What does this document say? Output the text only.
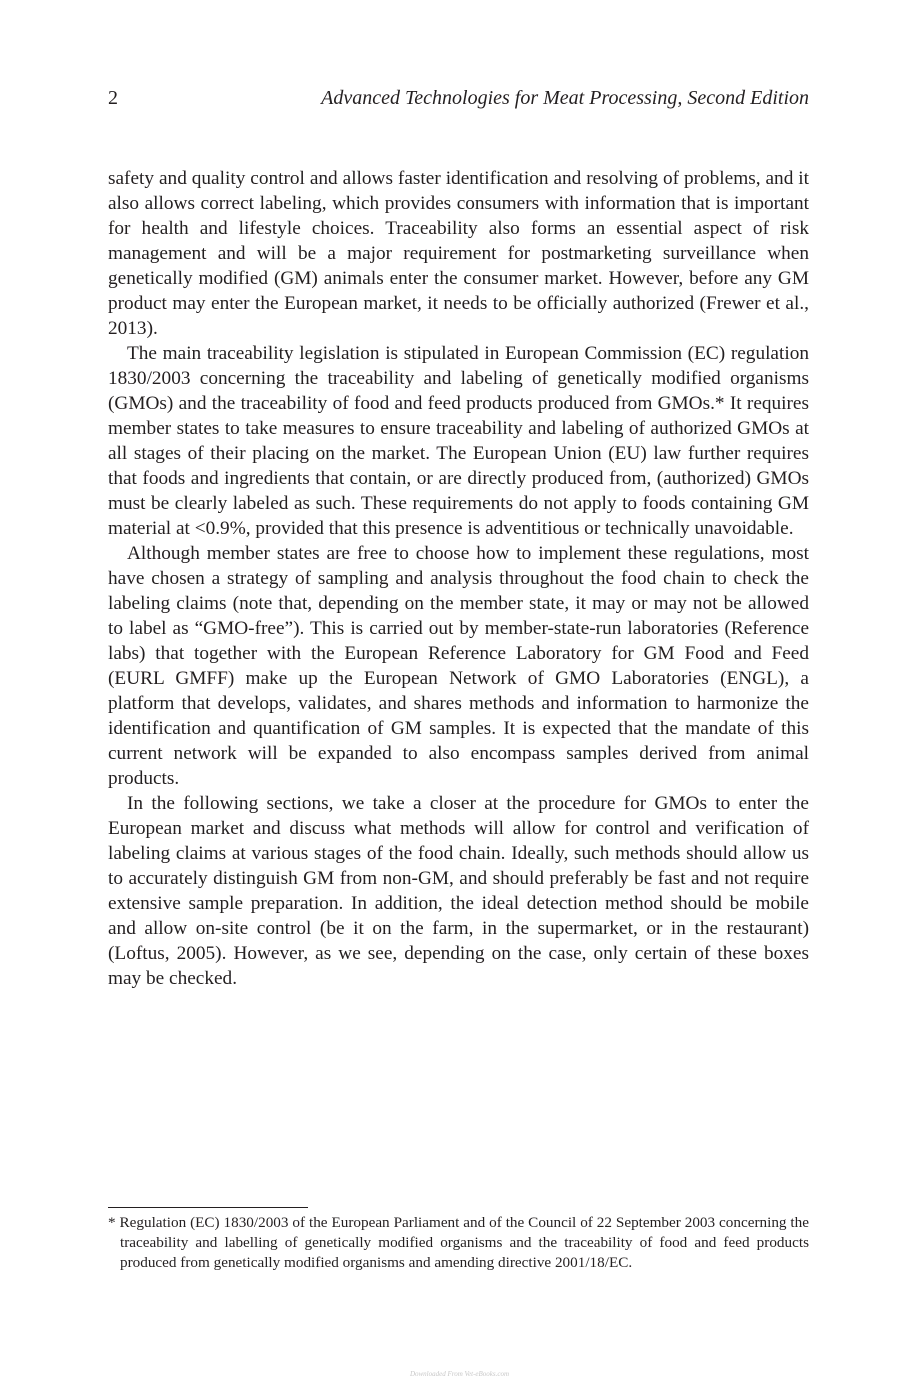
2	Advanced Technologies for Meat Processing, Second Edition

safety and quality control and allows faster identification and resolving of problems, and it also allows correct labeling, which provides consumers with information that is important for health and lifestyle choices. Traceability also forms an essential aspect of risk management and will be a major requirement for postmarketing surveillance when genetically modified (GM) animals enter the consumer market. However, before any GM product may enter the European market, it needs to be officially authorized (Frewer et al., 2013).

The main traceability legislation is stipulated in European Commission (EC) regulation 1830/2003 concerning the traceability and labeling of genetically modified organisms (GMOs) and the traceability of food and feed products produced from GMOs.* It requires member states to take measures to ensure traceability and labeling of authorized GMOs at all stages of their placing on the market. The European Union (EU) law further requires that foods and ingredients that contain, or are directly produced from, (authorized) GMOs must be clearly labeled as such. These requirements do not apply to foods containing GM material at <0.9%, provided that this presence is adventitious or technically unavoidable.

Although member states are free to choose how to implement these regulations, most have chosen a strategy of sampling and analysis throughout the food chain to check the labeling claims (note that, depending on the member state, it may or may not be allowed to label as “GMO-free”). This is carried out by member-state-run laboratories (Reference labs) that together with the European Reference Laboratory for GM Food and Feed (EURL GMFF) make up the European Network of GMO Laboratories (ENGL), a platform that develops, validates, and shares methods and information to harmonize the identification and quantification of GM samples. It is expected that the mandate of this current network will be expanded to also encompass samples derived from animal products.

In the following sections, we take a closer at the procedure for GMOs to enter the European market and discuss what methods will allow for control and verification of labeling claims at various stages of the food chain. Ideally, such methods should allow us to accurately distinguish GM from non-GM, and should preferably be fast and not require extensive sample preparation. In addition, the ideal detection method should be mobile and allow on-site control (be it on the farm, in the supermarket, or in the restaurant) (Loftus, 2005). However, as we see, depending on the case, only certain of these boxes may be checked.

* Regulation (EC) 1830/2003 of the European Parliament and of the Council of 22 September 2003 concerning the traceability and labelling of genetically modified organisms and the traceability of food and feed products produced from genetically modified organisms and amending directive 2001/18/EC.

Downloaded From Vet-eBooks.com
